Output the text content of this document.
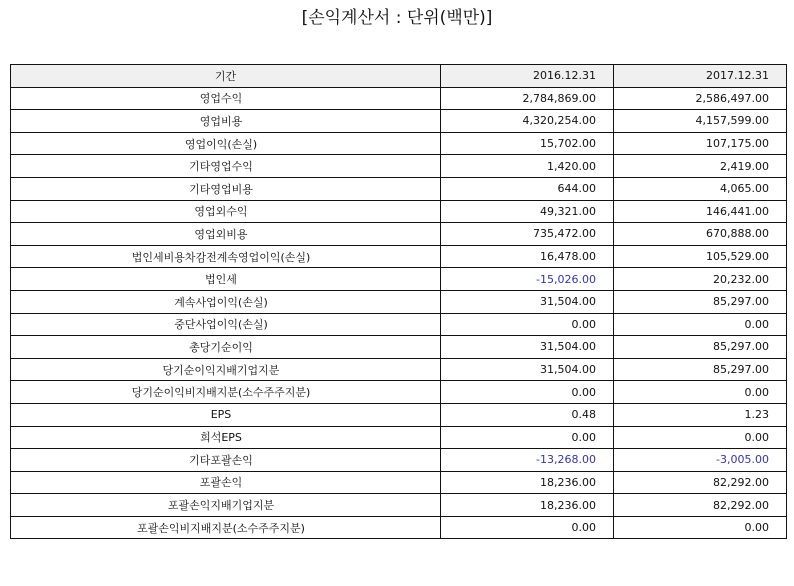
[손익계산서 : 단위(백만)]
기간	2016.12.31	2017.12.31
영업수익	2,784,869.00	2,586,497.00
영업비용	4,320,254.00	4,157,599.00
영업이익(손실)	15,702.00	107,175.00
기타영업수익	1,420.00	2,419.00
기타영업비용	644.00	4,065.00
영업외수익	49,321.00	146,441.00
영업외비용	735,472.00	670,888.00
법인세비용차감전계속영업이익(손실)	16,478.00	105,529.00
법인세	-15,026.00	20,232.00
계속사업이익(손실)	31,504.00	85,297.00
중단사업이익(손실)	0.00	0.00
총당기순이익	31,504.00	85,297.00
당기순이익지배기업지분	31,504.00	85,297.00
당기순이익비지배지분(소수주주지분)	0.00	0.00
EPS	0.48	1.23
희석EPS	0.00	0.00
기타포괄손익	-13,268.00	-3,005.00
포괄손익	18,236.00	82,292.00
포괄손익지배기업지분	18,236.00	82,292.00
포괄손익비지배지분(소수주주지분)	0.00	0.00
